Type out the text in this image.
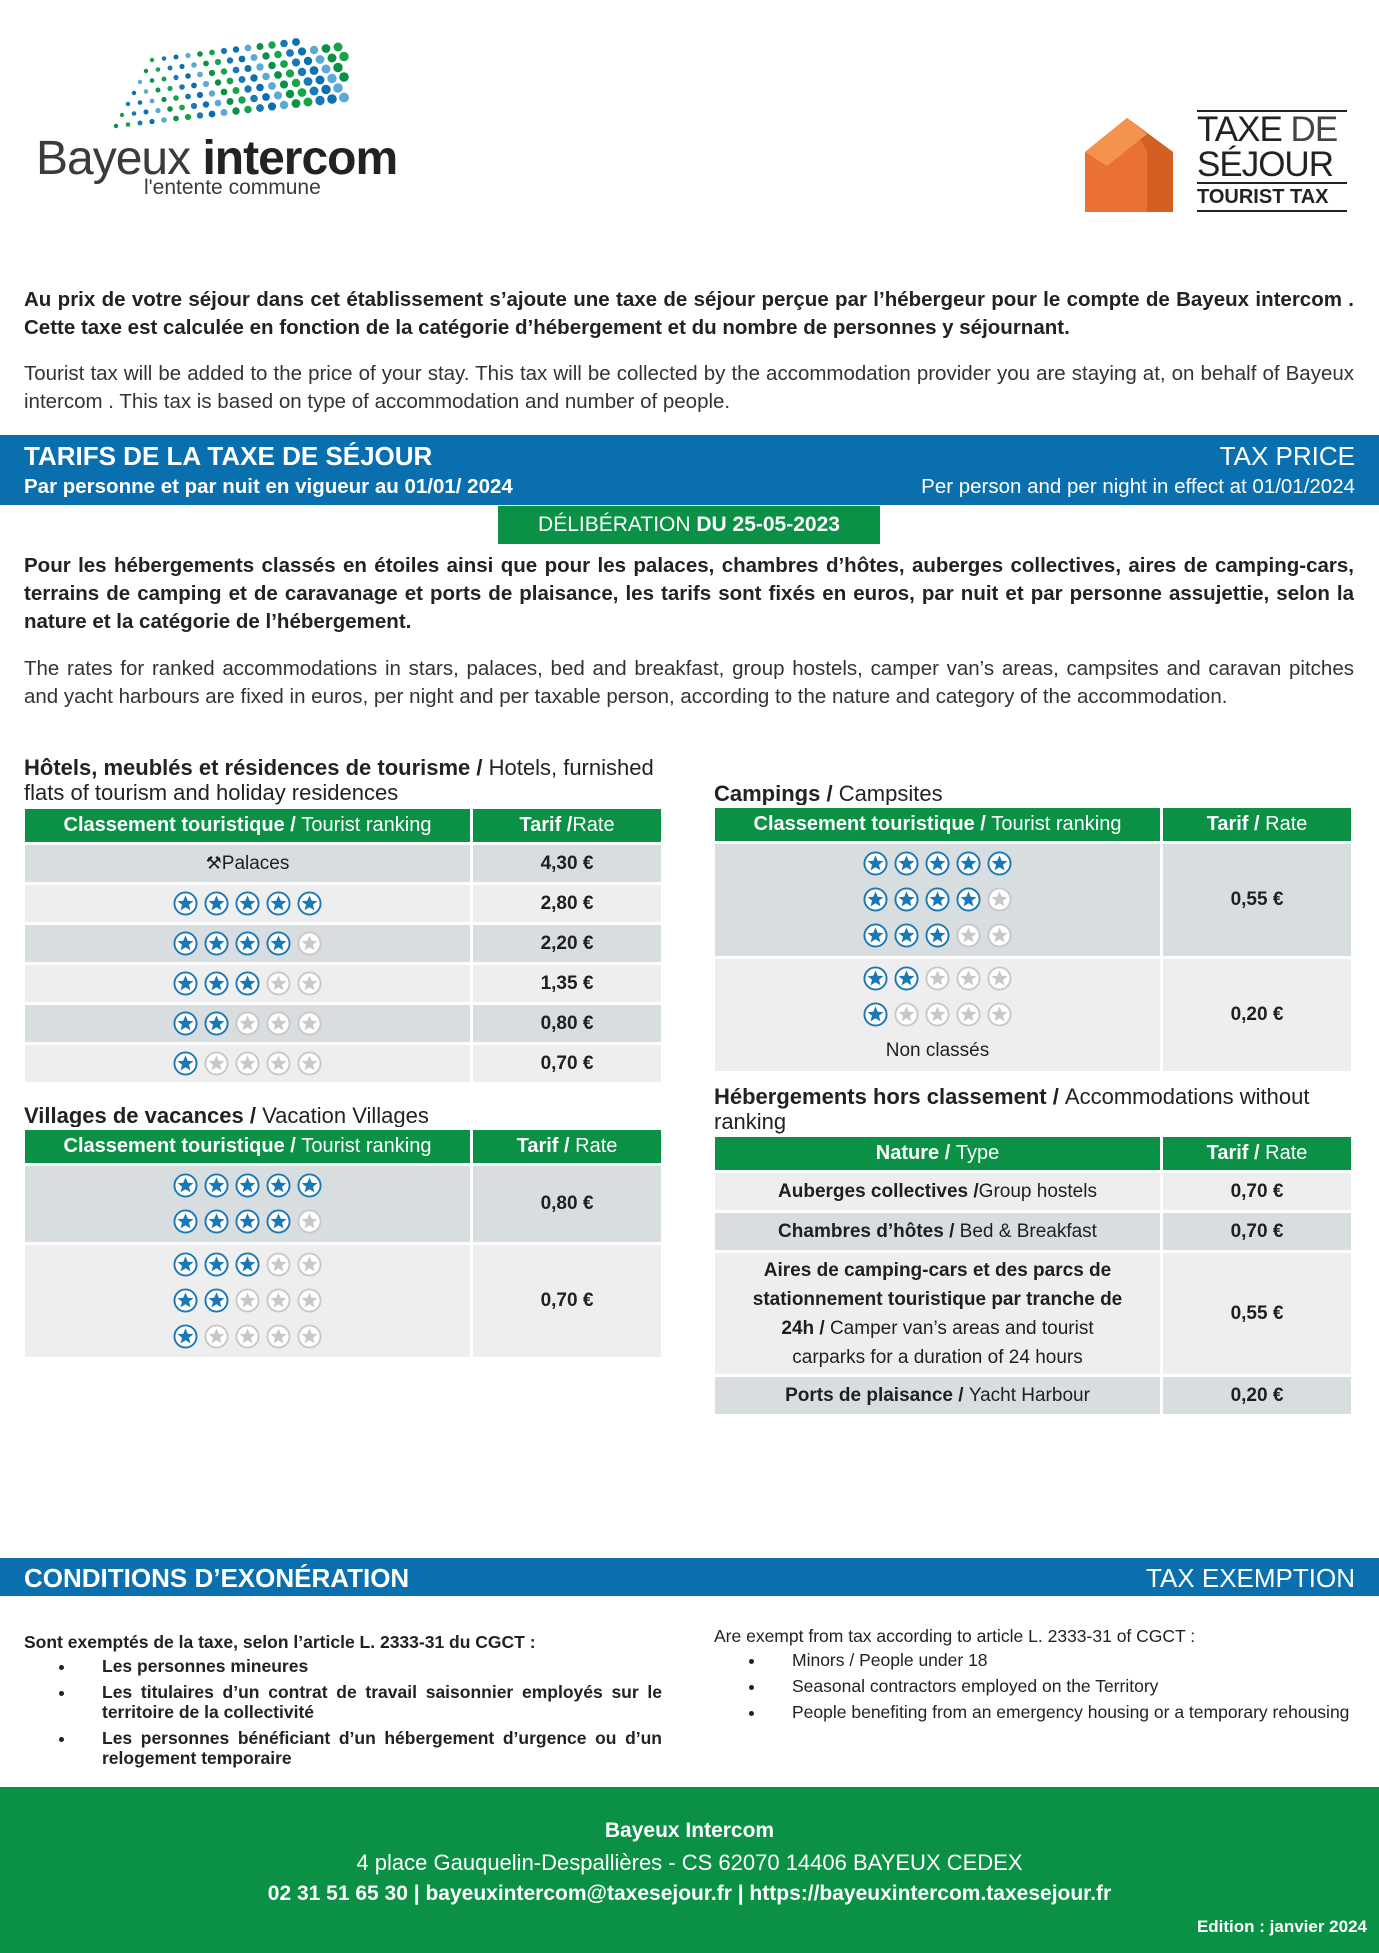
Bayeux intercom
l'entente commune
TAXE DE
SÉJOUR
TOURIST TAX

Au prix de votre séjour dans cet établissement s’ajoute une taxe de séjour perçue par l’hébergeur pour le compte de Bayeux intercom . Cette taxe est calculée en fonction de la catégorie d’hébergement et du nombre de personnes y séjournant.

Tourist tax will be added to the price of your stay. This tax will be collected by the accommodation provider you are staying at, on behalf of Bayeux intercom . This tax is based on type of accommodation and number of people.

TARIFS DE LA TAXE DE SÉJOUR
Par personne et par nuit en vigueur au 01/01/ 2024
TAX PRICE
Per person and per night in effect at 01/01/2024
DÉLIBÉRATION DU 25-05-2023

Pour les hébergements classés en étoiles ainsi que pour les palaces, chambres d’hôtes, auberges collectives, aires de camping-cars, terrains de camping et de caravanage et ports de plaisance, les tarifs sont fixés en euros, par nuit et par personne assujettie, selon la nature et la catégorie de l’hébergement.

The rates for ranked accommodations in stars, palaces, bed and breakfast, group hostels, camper van’s areas, campsites and caravan pitches and yacht harbours are fixed in euros, per night and per taxable person, according to the nature and category of the accommodation.

Hôtels, meublés et résidences de tourisme / Hotels, furnished flats of tourism and holiday residences
Classement touristique / Tourist ranking	Tarif /Rate
⚒Palaces	4,30 €

	2,80 €

	2,20 €

	1,35 €

	0,80 €

	0,70 €
Villages de vacances / Vacation Villages
Classement touristique / Tourist ranking	Tarif / Rate

	0,80 €

	0,70 €
Campings / Campsites
Classement touristique / Tourist ranking	Tarif / Rate

	0,55 €

Non classés	0,20 €
Hébergements hors classement / Accommodations without ranking
Nature / Type	Tarif / Rate
Auberges collectives /Group hostels	0,70 €
Chambres d’hôtes / Bed & Breakfast	0,70 €
Aires de camping-cars et des parcs de stationnement touristique par tranche de 24h / Camper van’s areas and tourist carparks for a duration of 24 hours	0,55 €
Ports de plaisance / Yacht Harbour	0,20 €
CONDITIONS D’EXONÉRATION	TAX EXEMPTION
Sont exemptés de la taxe, selon l’article L. 2333-31 du CGCT :
• Les personnes mineures
• Les titulaires d’un contrat de travail saisonnier employés sur le territoire de la collectivité
• Les personnes bénéficiant d’un hébergement d’urgence ou d’un relogement temporaire
Are exempt from tax according to article L. 2333-31 of CGCT :
• Minors / People under 18
• Seasonal contractors employed on the Territory
• People benefiting from an emergency housing or a temporary rehousing
Bayeux Intercom
4 place Gauquelin-Despallières - CS 62070 14406 BAYEUX CEDEX
02 31 51 65 30 | bayeuxintercom@taxesejour.fr | https://bayeuxintercom.taxesejour.fr
Edition : janvier 2024
